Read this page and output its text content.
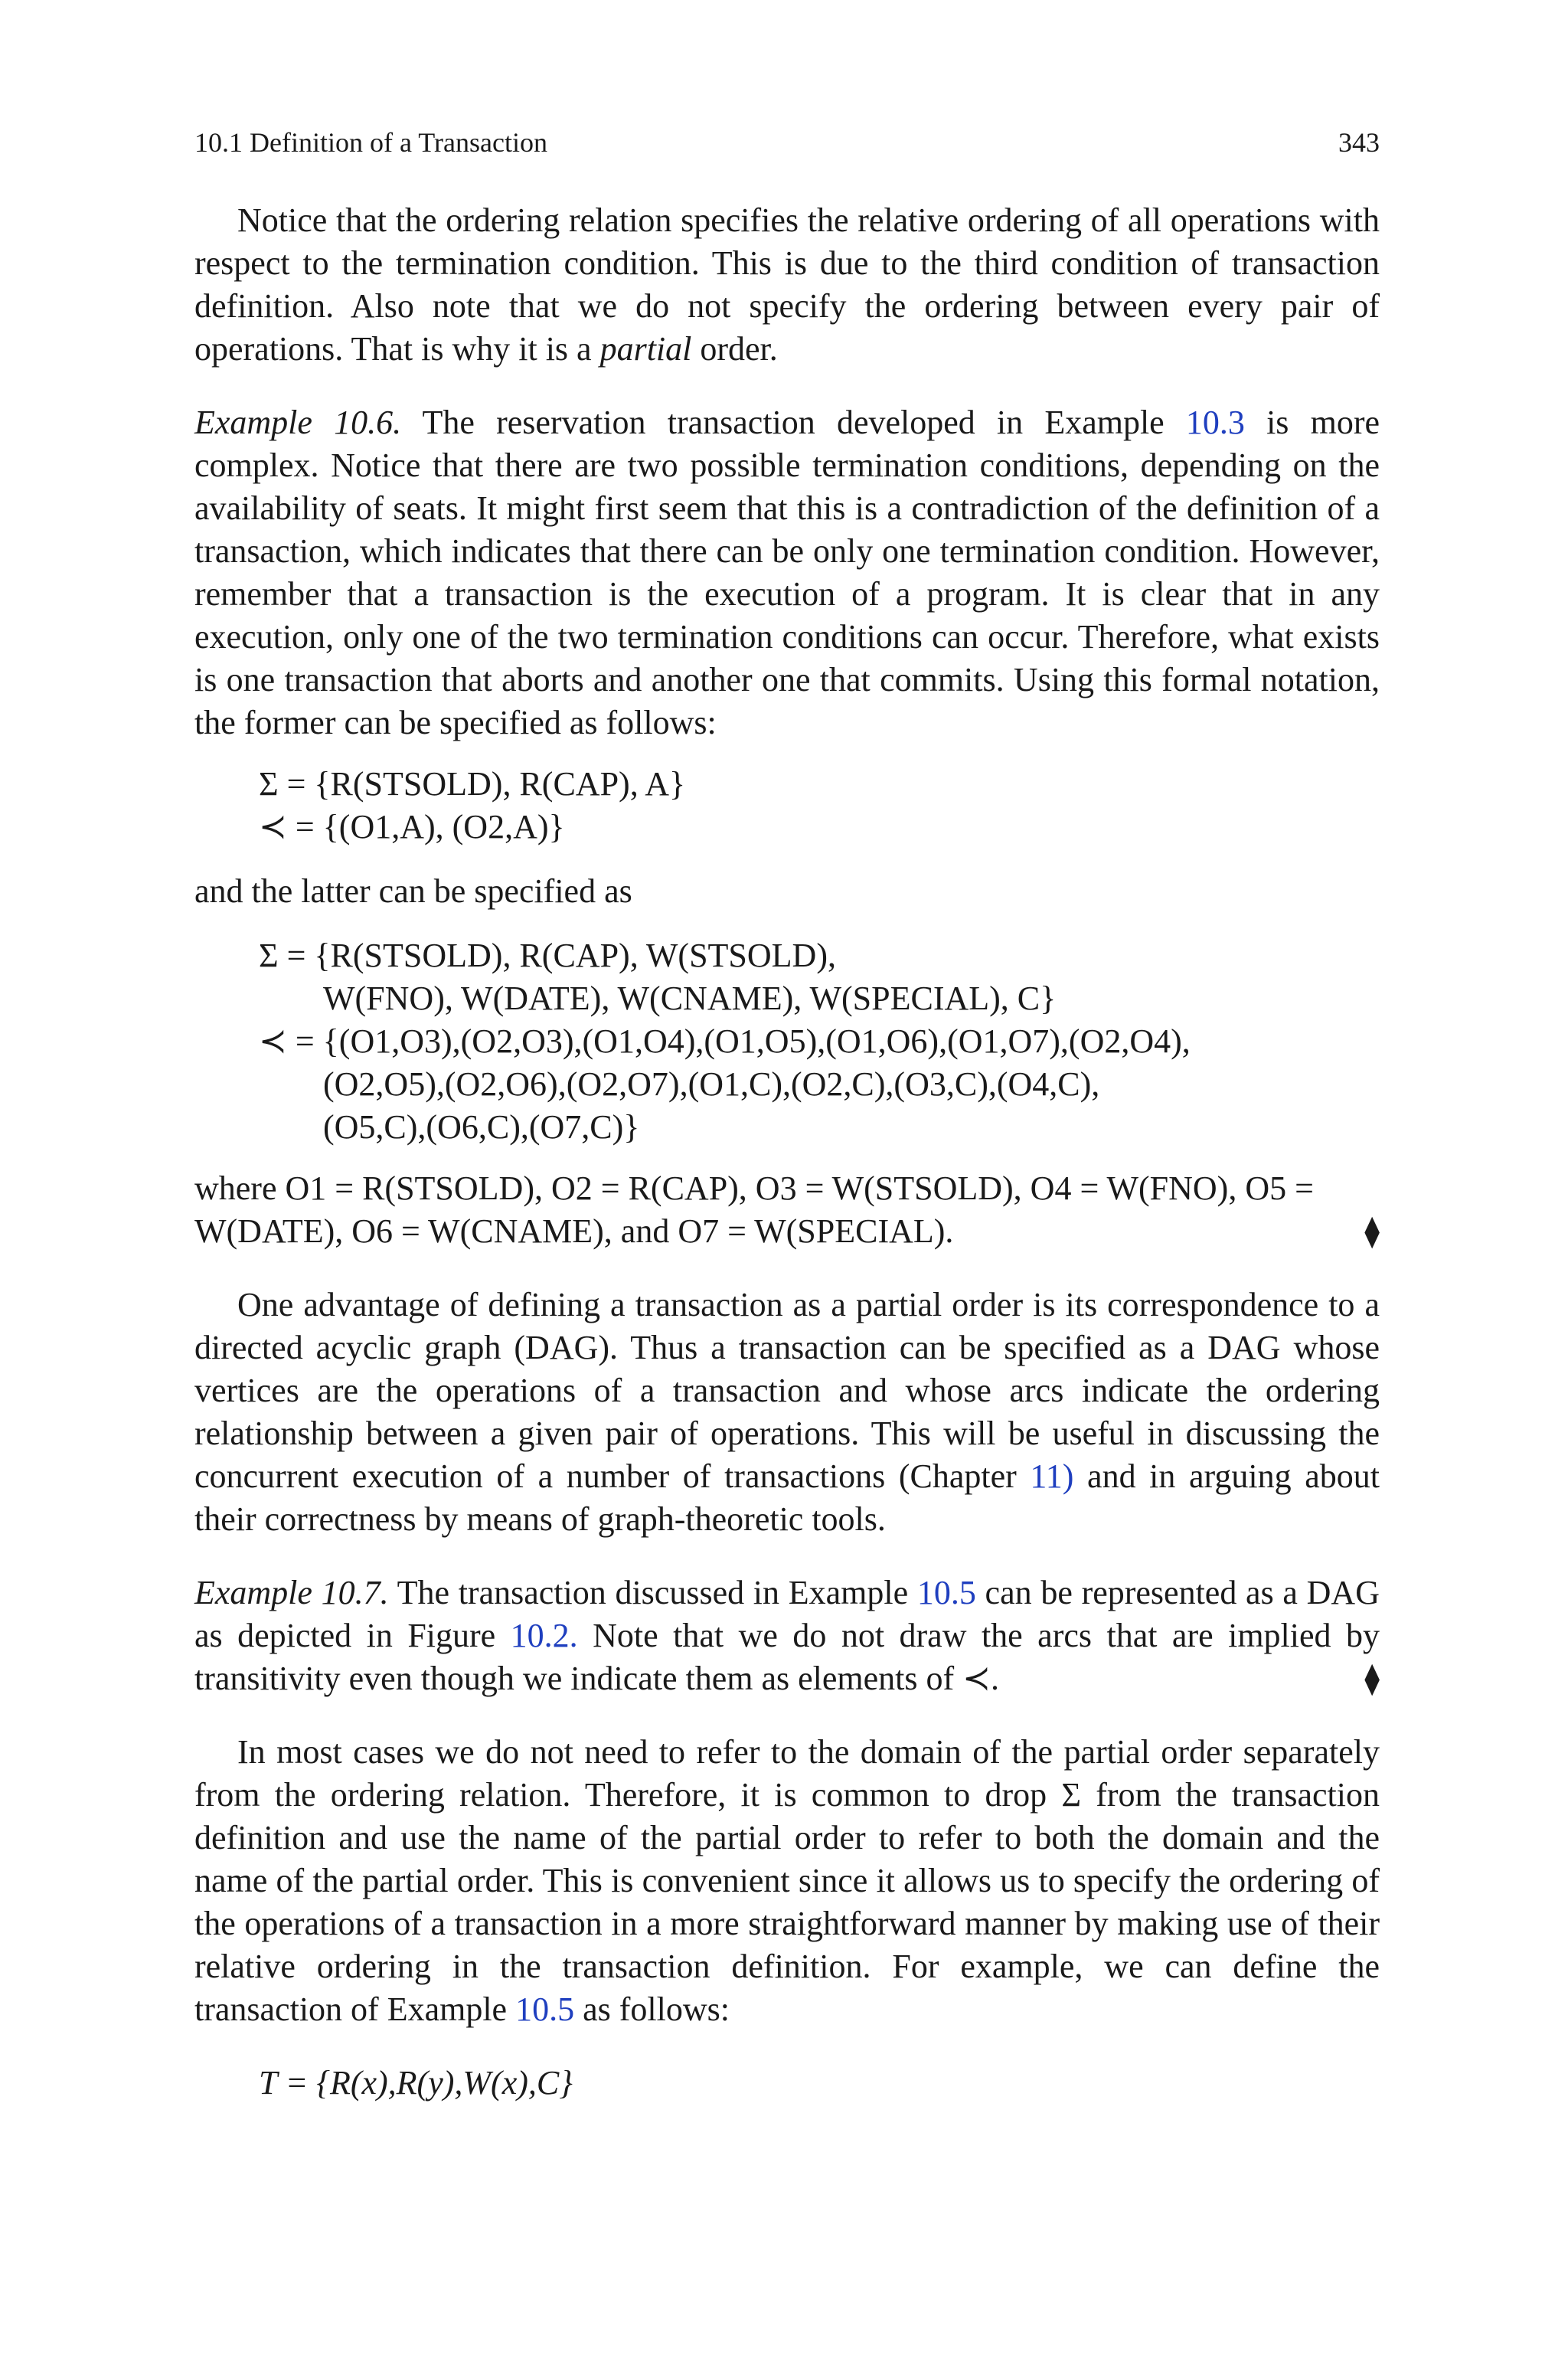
10.1 Definition of a Transaction	343

Notice that the ordering relation specifies the relative ordering of all operations with respect to the termination condition. This is due to the third condition of transaction definition. Also note that we do not specify the ordering between every pair of operations. That is why it is a partial order.

Example 10.6. The reservation transaction developed in Example 10.3 is more complex. Notice that there are two possible termination conditions, depending on the availability of seats. It might first seem that this is a contradiction of the definition of a transaction, which indicates that there can be only one termination condition. However, remember that a transaction is the execution of a program. It is clear that in any execution, only one of the two termination conditions can occur. Therefore, what exists is one transaction that aborts and another one that commits. Using this formal notation, the former can be specified as follows:

Σ = {R(STSOLD), R(CAP), A}
≺ = {(O1,A), (O2,A)}

and the latter can be specified as

Σ = {R(STSOLD), R(CAP), W(STSOLD),
W(FNO), W(DATE), W(CNAME), W(SPECIAL), C}
≺ = {(O1,O3),(O2,O3),(O1,O4),(O1,O5),(O1,O6),(O1,O7),(O2,O4),
(O2,O5),(O2,O6),(O2,O7),(O1,C),(O2,C),(O3,C),(O4,C),
(O5,C),(O6,C),(O7,C)}
where O1 = R(STSOLD), O2 = R(CAP), O3 = W(STSOLD), O4 = W(FNO), O5 =
W(DATE), O6 = W(CNAME), and O7 = W(SPECIAL).	⧫

One advantage of defining a transaction as a partial order is its correspondence to a directed acyclic graph (DAG). Thus a transaction can be specified as a DAG whose vertices are the operations of a transaction and whose arcs indicate the ordering relationship between a given pair of operations. This will be useful in discussing the concurrent execution of a number of transactions (Chapter 11) and in arguing about their correctness by means of graph-theoretic tools.

Example 10.7. The transaction discussed in Example 10.5 can be represented as a DAG as depicted in Figure 10.2. Note that we do not draw the arcs that are implied by transitivity even though we indicate them as elements of ≺.	⧫

In most cases we do not need to refer to the domain of the partial order separately from the ordering relation. Therefore, it is common to drop Σ from the transaction definition and use the name of the partial order to refer to both the domain and the name of the partial order. This is convenient since it allows us to specify the ordering of the operations of a transaction in a more straightforward manner by making use of their relative ordering in the transaction definition. For example, we can define the transaction of Example 10.5 as follows:

T = {R(x),R(y),W(x),C}
